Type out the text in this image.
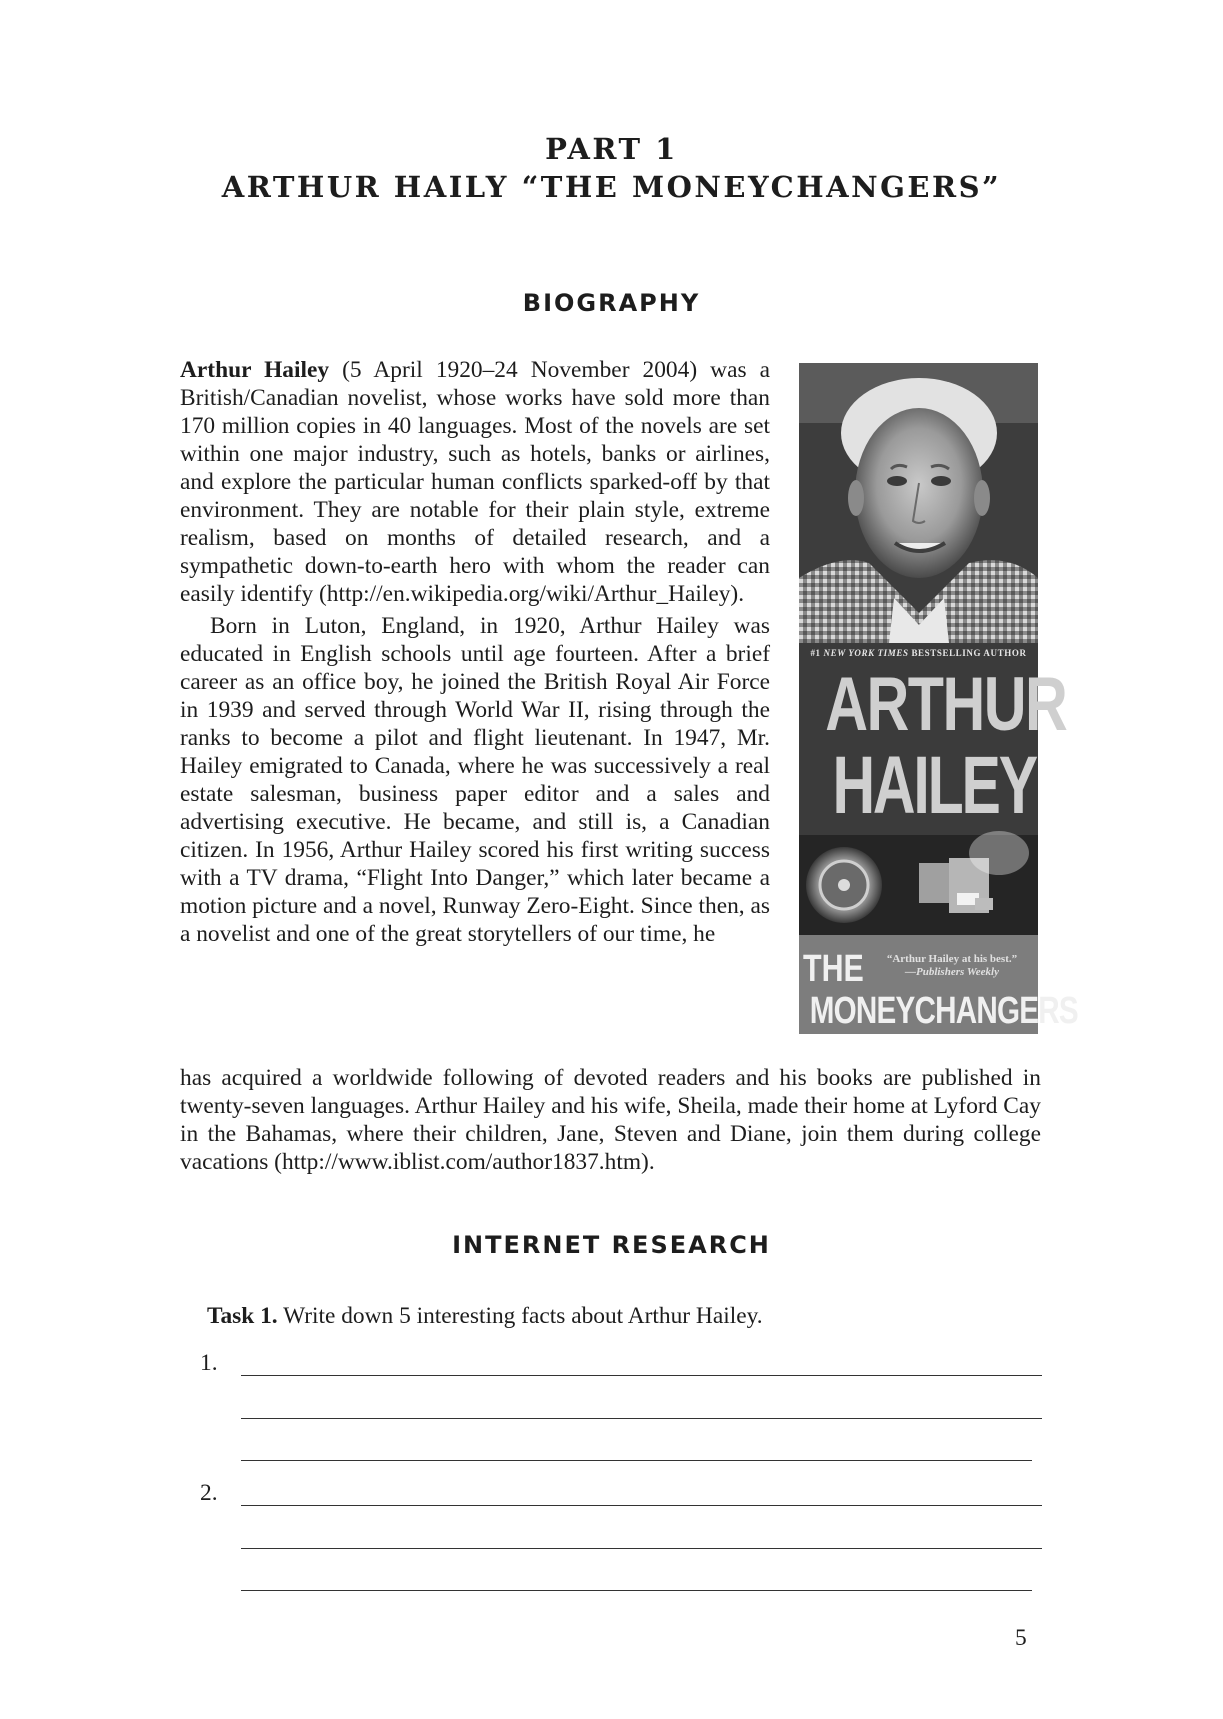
PART 1
ARTHUR HAILY “THE MONEYCHANGERS”
BIOGRAPHY

Arthur Hailey (5 April 1920–24 November 2004) was a British/Canadian novelist, whose works have sold more than 170 million copies in 40 languages. Most of the novels are set within one major industry, such as hotels, banks or airlines, and explore the particular human conflicts sparked-off by that environment. They are notable for their plain style, extreme realism, based on months of detailed research, and a sympathetic down-to-earth hero with whom the reader can easily identify (http://en.wikipedia.org/wiki/Arthur_Hailey).

Born in Luton, England, in 1920, Arthur Hailey was educated in English schools until age fourteen. After a brief career as an office boy, he joined the British Royal Air Force in 1939 and served through World War II, rising through the ranks to become a pilot and flight lieutenant. In 1947, Mr. Hailey emigrated to Canada, where he was successively a real estate salesman, business paper editor and a sales and advertising executive. He became, and still is, a Canadian citizen. In 1956, Arthur Hailey scored his first writing success with a TV drama, “Flight Into Danger,” which later became a motion picture and a novel, Runway Zero-Eight. Since then, as a novelist and one of the great storytellers of our time, he

has acquired a worldwide following of devoted readers and his books are published in twenty-seven languages. Arthur Hailey and his wife, Sheila, made their home at Lyford Cay in the Bahamas, where their children, Jane, Steven and Diane, join them during college vacations (http://www.iblist.com/author1837.htm).

#1 NEW YORK TIMES BESTSELLING AUTHOR
ARTHUR
HAILEY
THE	“Arthur Hailey at his best.”
—Publishers Weekly
MONEYCHANGERS
INTERNET RESEARCH

Task 1. Write down 5 interesting facts about Arthur Hailey.

1.
2.
5
